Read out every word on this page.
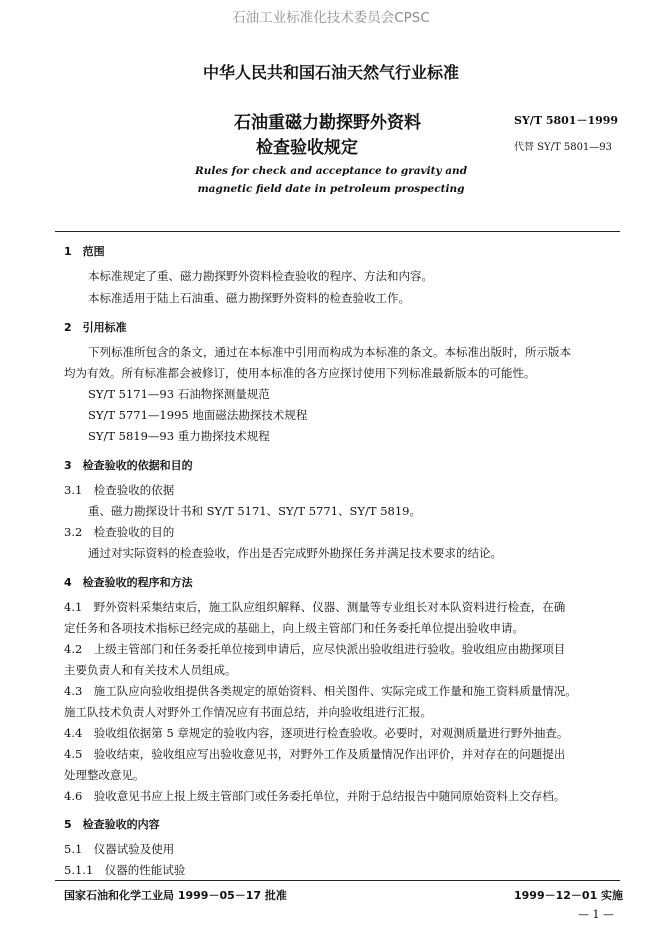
石油工业标准化技术委员会CPSC
中华人民共和国石油天然气行业标准
石油重磁力勘探野外资料
检查验收规定
SY/T 5801－1999
代替 SY/T 5801—93
Rules for check and acceptance to gravity and
magnetic field date in petroleum prospecting
1　范围
本标准规定了重、磁力勘探野外资料检查验收的程序、方法和内容。
本标准适用于陆上石油重、磁力勘探野外资料的检查验收工作。
2　引用标准
下列标准所包含的条文，通过在本标准中引用而构成为本标准的条文。本标准出版时，所示版本
均为有效。所有标准都会被修订，使用本标准的各方应探讨使用下列标准最新版本的可能性。
SY/T 5171—93 石油物探测量规范
SY/T 5771—1995 地面磁法勘探技术规程
SY/T 5819—93 重力勘探技术规程
3　检查验收的依据和目的
3.1　检查验收的依据
重、磁力勘探设计书和 SY/T 5171、SY/T 5771、SY/T 5819。
3.2　检查验收的目的
通过对实际资料的检查验收，作出是否完成野外勘探任务并满足技术要求的结论。
4　检查验收的程序和方法
4.1　野外资料采集结束后，施工队应组织解释、仪器、测量等专业组长对本队资料进行检查，在确
定任务和各项技术指标已经完成的基础上，向上级主管部门和任务委托单位提出验收申请。
4.2　上级主管部门和任务委托单位接到申请后，应尽快派出验收组进行验收。验收组应由勘探项目
主要负责人和有关技术人员组成。
4.3　施工队应向验收组提供各类规定的原始资料、相关图件、实际完成工作量和施工资料质量情况。
施工队技术负责人对野外工作情况应有书面总结，并向验收组进行汇报。
4.4　验收组依据第 5 章规定的验收内容，逐项进行检查验收。必要时，对观测质量进行野外抽查。
4.5　验收结束，验收组应写出验收意见书，对野外工作及质量情况作出评价，并对存在的问题提出
处理整改意见。
4.6　验收意见书应上报上级主管部门或任务委托单位，并附于总结报告中随同原始资料上交存档。
5　检查验收的内容
5.1　仪器试验及使用
5.1.1　仪器的性能试验
国家石油和化学工业局 1999－05－17 批准	1999－12－01 实施
— 1 —
